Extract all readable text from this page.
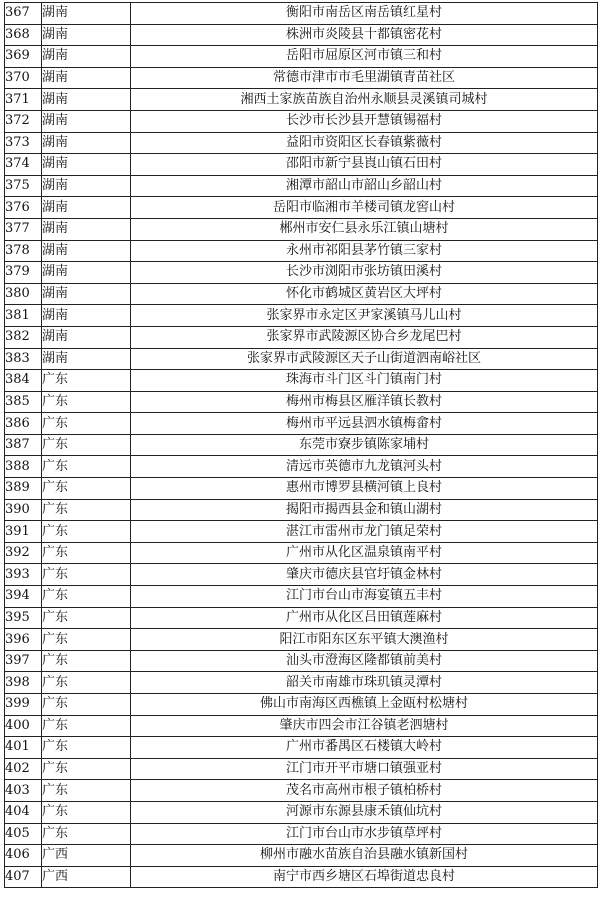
367	湖南	衡阳市南岳区南岳镇红星村
368	湖南	株洲市炎陵县十都镇密花村
369	湖南	岳阳市屈原区河市镇三和村
370	湖南	常德市津市市毛里湖镇青苗社区
371	湖南	湘西土家族苗族自治州永顺县灵溪镇司城村
372	湖南	长沙市长沙县开慧镇锡福村
373	湖南	益阳市资阳区长春镇紫薇村
374	湖南	邵阳市新宁县崀山镇石田村
375	湖南	湘潭市韶山市韶山乡韶山村
376	湖南	岳阳市临湘市羊楼司镇龙窖山村
377	湖南	郴州市安仁县永乐江镇山塘村
378	湖南	永州市祁阳县茅竹镇三家村
379	湖南	长沙市浏阳市张坊镇田溪村
380	湖南	怀化市鹤城区黄岩区大坪村
381	湖南	张家界市永定区尹家溪镇马儿山村
382	湖南	张家界市武陵源区协合乡龙尾巴村
383	湖南	张家界市武陵源区天子山街道泗南峪社区
384	广东	珠海市斗门区斗门镇南门村
385	广东	梅州市梅县区雁洋镇长教村
386	广东	梅州市平远县泗水镇梅畲村
387	广东	东莞市寮步镇陈家埔村
388	广东	清远市英德市九龙镇河头村
389	广东	惠州市博罗县横河镇上良村
390	广东	揭阳市揭西县金和镇山湖村
391	广东	湛江市雷州市龙门镇足荣村
392	广东	广州市从化区温泉镇南平村
393	广东	肇庆市德庆县官圩镇金林村
394	广东	江门市台山市海宴镇五丰村
395	广东	广州市从化区吕田镇莲麻村
396	广东	阳江市阳东区东平镇大澳渔村
397	广东	汕头市澄海区隆都镇前美村
398	广东	韶关市南雄市珠玑镇灵潭村
399	广东	佛山市南海区西樵镇上金瓯村松塘村
400	广东	肇庆市四会市江谷镇老泗塘村
401	广东	广州市番禺区石楼镇大岭村
402	广东	江门市开平市塘口镇强亚村
403	广东	茂名市高州市根子镇柏桥村
404	广东	河源市东源县康禾镇仙坑村
405	广东	江门市台山市水步镇草坪村
406	广西	柳州市融水苗族自治县融水镇新国村
407	广西	南宁市西乡塘区石埠街道忠良村
